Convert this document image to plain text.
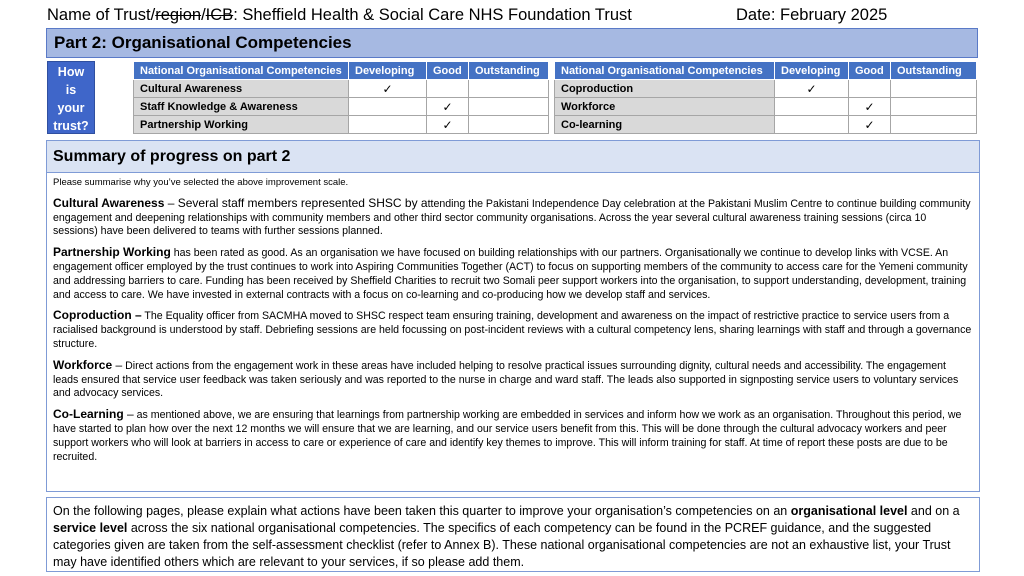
Name of Trust/region/ICB: Sheffield Health & Social Care NHS Foundation Trust	Date: February 2025
Part 2: Organisational Competencies
How
is
your
trust?
National Organisational Competencies	Developing	Good	Outstanding
Cultural Awareness	✓		
Staff Knowledge & Awareness		✓	
Partnership Working		✓	
National Organisational Competencies	Developing	Good	Outstanding
Coproduction	✓		
Workforce		✓	
Co-learning		✓	
Summary of progress on part 2
Please summarise why you’ve selected the above improvement scale.

Cultural Awareness – Several staff members represented SHSC by attending the Pakistani Independence Day celebration at the Pakistani Muslim Centre to continue building community engagement and deepening relationships with community members and other third sector community organisations. Across the year several cultural awareness training sessions (circa 10 sessions) have been delivered to teams with further sessions planned.

Partnership Working has been rated as good. As an organisation we have focused on building relationships with our partners. Organisationally we continue to develop links with VCSE. An engagement officer employed by the trust continues to work into Aspiring Communities Together (ACT) to focus on supporting members of the community to access care for the Yemeni community and addressing barriers to care. Funding has been received by Sheffield Charities to recruit two Somali peer support workers into the organisation, to support understanding, development, training and access to care. We have invested in external contracts with a focus on co-learning and co-producing how we develop staff and services.

Coproduction – The Equality officer from SACMHA moved to SHSC respect team ensuring training, development and awareness on the impact of restrictive practice to service users from a racialised background is understood by staff. Debriefing sessions are held focussing on post-incident reviews with a cultural competency lens, sharing learnings with staff and through a governance structure.

Workforce – Direct actions from the engagement work in these areas have included helping to resolve practical issues surrounding dignity, cultural needs and accessibility. The engagement leads ensured that service user feedback was taken seriously and was reported to the nurse in charge and ward staff. The leads also supported in signposting service users to voluntary services and advocacy services.

Co-Learning – as mentioned above, we are ensuring that learnings from partnership working are embedded in services and inform how we work as an organisation. Throughout this period, we have started to plan how over the next 12 months we will ensure that we are learning, and our service users benefit from this. This will be done through the cultural advocacy workers and peer support workers who will look at barriers in access to care or experience of care and identify key themes to improve. This will inform training for staff. At time of report these posts are due to be recruited.

On the following pages, please explain what actions have been taken this quarter to improve your organisation’s competencies on an organisational level and on a service level across the six national organisational competencies. The specifics of each competency can be found in the PCREF guidance, and the suggested categories given are taken from the self-assessment checklist (refer to Annex B). These national organisational competencies are not an exhaustive list, your Trust may have identified others which are relevant to your services, if so please add them.
